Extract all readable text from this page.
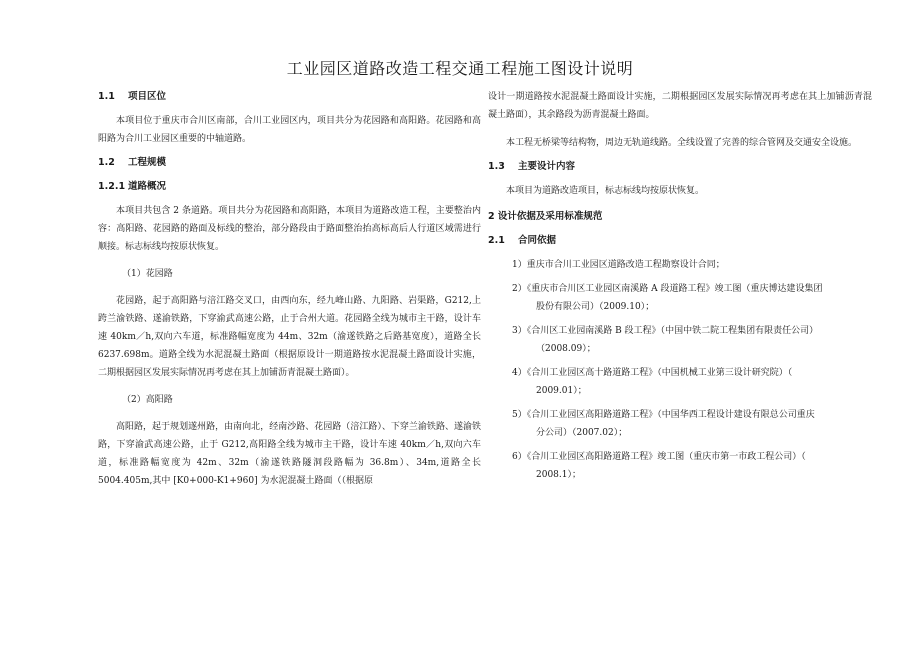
工业园区道路改造工程交通工程施工图设计说明
1.1 项目区位

本项目位于重庆市合川区南部，合川工业园区内，项目共分为花园路和高阳路。花园路和高阳路为合川工业园区重要的中轴道路。

1.2 工程规模
1.2.1 道路概况

本项目共包含 2 条道路。项目共分为花园路和高阳路，本项目为道路改造工程，主要整治内容：高阳路、花园路的路面及标线的整治，部分路段由于路面整治抬高标高后人行道区域需进行顺接。标志标线均按原状恢复。

（1）花园路

花园路，起于高阳路与涪江路交叉口，由西向东，经九峰山路、九阳路、岩渠路，G212,上跨兰渝铁路、遂渝铁路，下穿渝武高速公路，止于合州大道。花园路全线为城市主干路，设计车速 40km／h,双向六车道，标准路幅宽度为 44m、32m（渝遂铁路之后路基宽度），道路全长 6237.698m。道路全线为水泥混凝土路面（根据原设计一期道路按水泥混凝土路面设计实施，二期根据园区发展实际情况再考虑在其上加铺沥青混凝土路面）。

（2）高阳路

高阳路，起于规划遂州路，由南向北，经南沙路、花园路（涪江路）、下穿兰渝铁路、遂渝铁路，下穿渝武高速公路，止于 G212,高阳路全线为城市主干路，设计车速 40km／h,双向六车道，标准路幅宽度为 42m、32m（渝遂铁路隧洞段路幅为 36.8m）、34m,道路全长 5004.405m,其中 [K0+000-K1+960] 为水泥混凝土路面（（根据原

设计一期道路按水泥混凝土路面设计实施，二期根据园区发展实际情况再考虑在其上加铺沥青混凝土路面），其余路段为沥青混凝土路面。

本工程无桥梁等结构物，周边无轨道线路。全线设置了完善的综合管网及交通安全设施。

1.3 主要设计内容

本项目为道路改造项目，标志标线均按原状恢复。

2 设计依据及采用标准规范
2.1 合同依据

1）重庆市合川工业园区道路改造工程勘察设计合同；

2）《重庆市合川区工业园区南溪路 A 段道路工程》竣工图（重庆博达建设集团

股份有限公司）（2009.10）；

3）《合川区工业园南溪路 B 段工程》（中国中铁二院工程集团有限责任公司）

（2008.09）；

4）《合川工业园区高十路道路工程》（中国机械工业第三设计研究院）（

2009.01）；

5）《合川工业园区高阳路道路工程》（中国华西工程设计建设有限总公司重庆

分公司）（2007.02）；

6）《合川工业园区高阳路道路工程》竣工图（重庆市第一市政工程公司）（

2008.1）；
